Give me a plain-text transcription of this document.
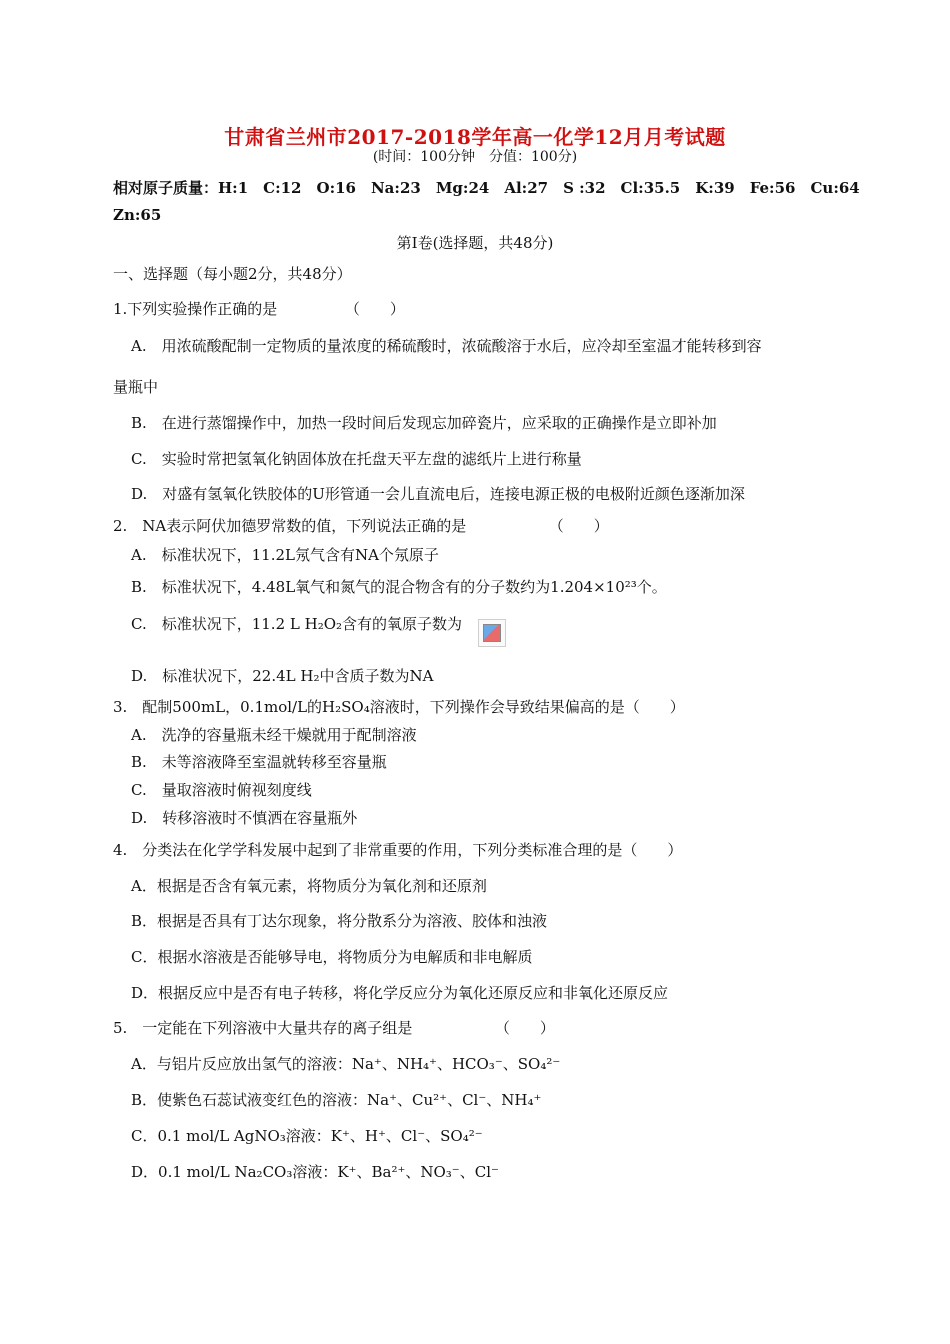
甘肃省兰州市2017-2018学年高一化学12月月考试题
(时间：100分钟　分值：100分)
相对原子质量：H:1　C:12　O:16　Na:23　Mg:24　Al:27　S :32　Cl:35.5　K:39　Fe:56　Cu:64
Zn:65
第Ⅰ卷(选择题，共48分)
一、选择题（每小题2分，共48分）
1.下列实验操作正确的是　　　　　（　　）
A.　用浓硫酸配制一定物质的量浓度的稀硫酸时，浓硫酸溶于水后，应冷却至室温才能转移到容
量瓶中
B.　在进行蒸馏操作中，加热一段时间后发现忘加碎瓷片，应采取的正确操作是立即补加
C.　实验时常把氢氧化钠固体放在托盘天平左盘的滤纸片上进行称量
D.　对盛有氢氧化铁胶体的U形管通一会儿直流电后，连接电源正极的电极附近颜色逐渐加深
2.　NA表示阿伏加德罗常数的值，下列说法正确的是　　　　　　（　　）
A.　标准状况下，11.2L氖气含有NA个氖原子
B.　标准状况下，4.48L氧气和氮气的混合物含有的分子数约为1.204×10²³个。
C.　标准状况下，11.2 L H₂O₂含有的氧原子数为
D.　标准状况下，22.4L H₂中含质子数为NA
3.　配制500mL，0.1mol/L的H₂SO₄溶液时，下列操作会导致结果偏高的是（　　）
A.　洗净的容量瓶未经干燥就用于配制溶液
B.　未等溶液降至室温就转移至容量瓶
C.　量取溶液时俯视刻度线
D.　转移溶液时不慎洒在容量瓶外
4.　分类法在化学学科发展中起到了非常重要的作用，下列分类标准合理的是（　　）
A．根据是否含有氧元素，将物质分为氧化剂和还原剂
B．根据是否具有丁达尔现象，将分散系分为溶液、胶体和浊液
C．根据水溶液是否能够导电，将物质分为电解质和非电解质
D．根据反应中是否有电子转移，将化学反应分为氧化还原反应和非氧化还原反应
5.　一定能在下列溶液中大量共存的离子组是　　　　　　（　　）
A．与铝片反应放出氢气的溶液：Na⁺、NH₄⁺、HCO₃⁻、SO₄²⁻
B．使紫色石蕊试液变红色的溶液：Na⁺、Cu²⁺、Cl⁻、NH₄⁺
C．0.1 mol/L AgNO₃溶液：K⁺、H⁺、Cl⁻、SO₄²⁻
D．0.1 mol/L Na₂CO₃溶液：K⁺、Ba²⁺、NO₃⁻、Cl⁻
